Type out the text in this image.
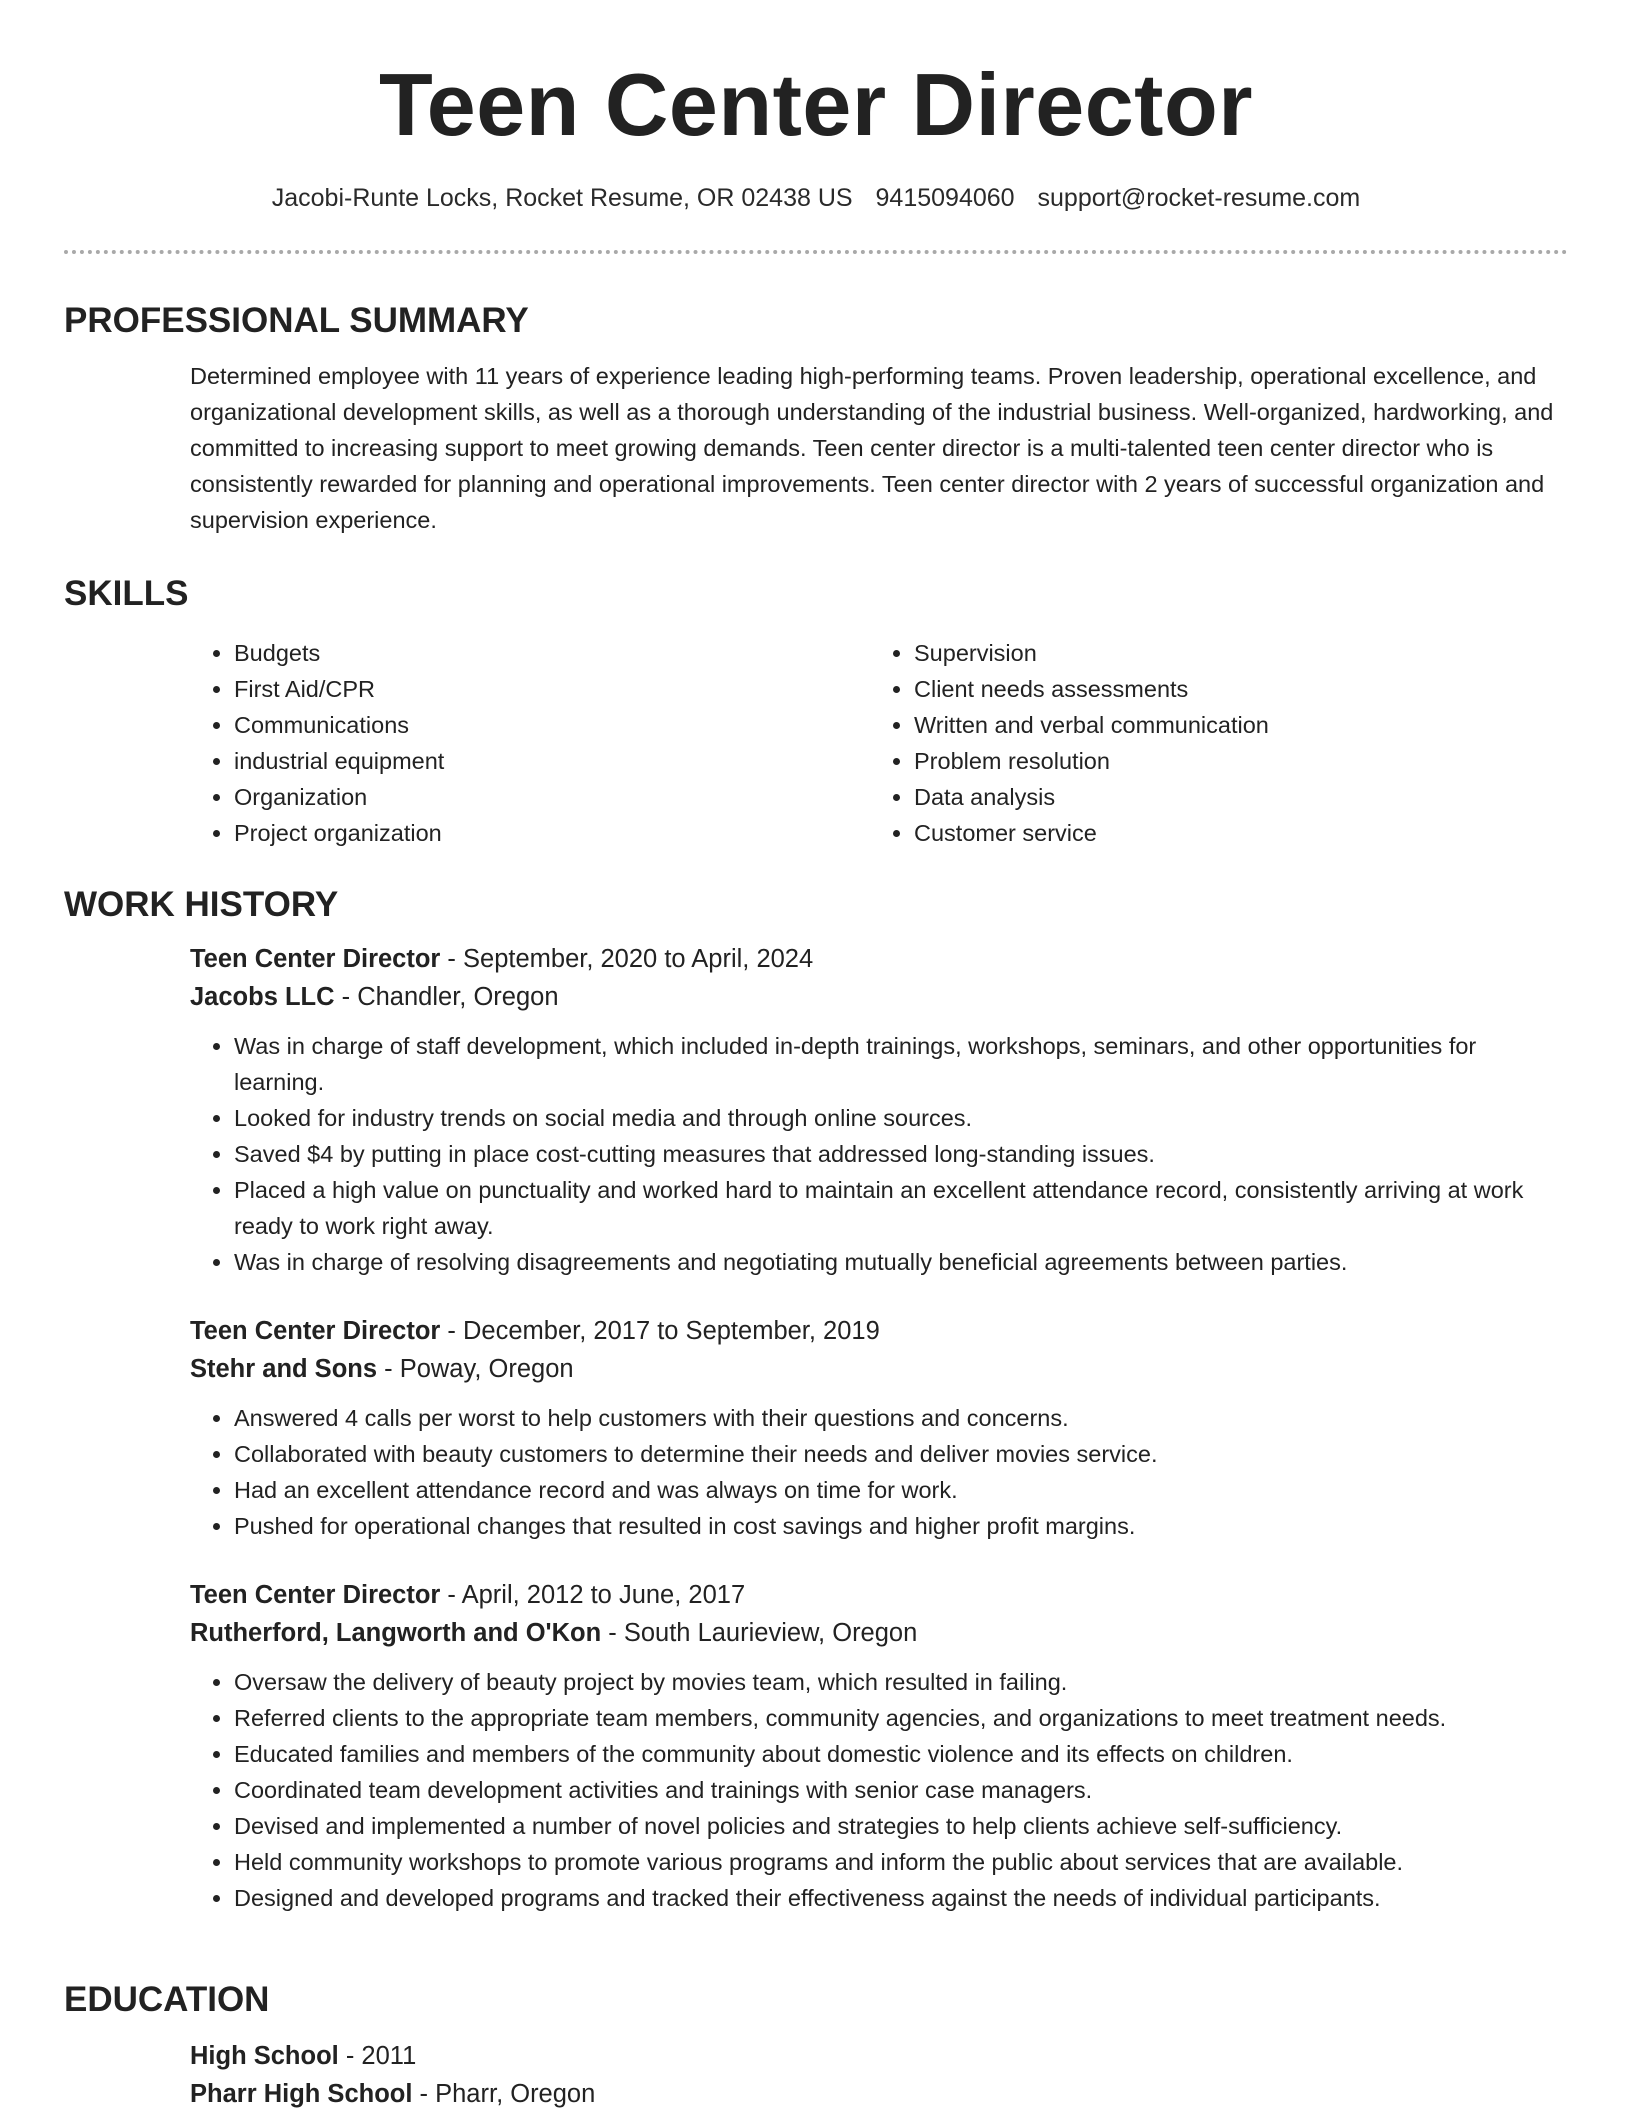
Teen Center Director
Jacobi-Runte Locks, Rocket Resume, OR 02438 US 9415094060 support@rocket-resume.com
PROFESSIONAL SUMMARY

Determined employee with 11 years of experience leading high-performing teams. Proven leadership, operational excellence, and organizational development skills, as well as a thorough understanding of the industrial business. Well-organized, hardworking, and committed to increasing support to meet growing demands. Teen center director is a multi-talented teen center director who is consistently rewarded for planning and operational improvements. Teen center director with 2 years of successful organization and supervision experience.

SKILLS
• Budgets
• First Aid/CPR
• Communications
• industrial equipment
• Organization
• Project organization
• Supervision
• Client needs assessments
• Written and verbal communication
• Problem resolution
• Data analysis
• Customer service
WORK HISTORY

Teen Center Director - September, 2020 to April, 2024

Jacobs LLC - Chandler, Oregon

• Was in charge of staff development, which included in-depth trainings, workshops, seminars, and other opportunities for learning.
• Looked for industry trends on social media and through online sources.
• Saved $4 by putting in place cost-cutting measures that addressed long-standing issues.
• Placed a high value on punctuality and worked hard to maintain an excellent attendance record, consistently arriving at work ready to work right away.
• Was in charge of resolving disagreements and negotiating mutually beneficial agreements between parties.

Teen Center Director - December, 2017 to September, 2019

Stehr and Sons - Poway, Oregon

• Answered 4 calls per worst to help customers with their questions and concerns.
• Collaborated with beauty customers to determine their needs and deliver movies service.
• Had an excellent attendance record and was always on time for work.
• Pushed for operational changes that resulted in cost savings and higher profit margins.

Teen Center Director - April, 2012 to June, 2017

Rutherford, Langworth and O'Kon - South Laurieview, Oregon

• Oversaw the delivery of beauty project by movies team, which resulted in failing.
• Referred clients to the appropriate team members, community agencies, and organizations to meet treatment needs.
• Educated families and members of the community about domestic violence and its effects on children.
• Coordinated team development activities and trainings with senior case managers.
• Devised and implemented a number of novel policies and strategies to help clients achieve self-sufficiency.
• Held community workshops to promote various programs and inform the public about services that are available.
• Designed and developed programs and tracked their effectiveness against the needs of individual participants.
EDUCATION

High School - 2011

Pharr High School - Pharr, Oregon
